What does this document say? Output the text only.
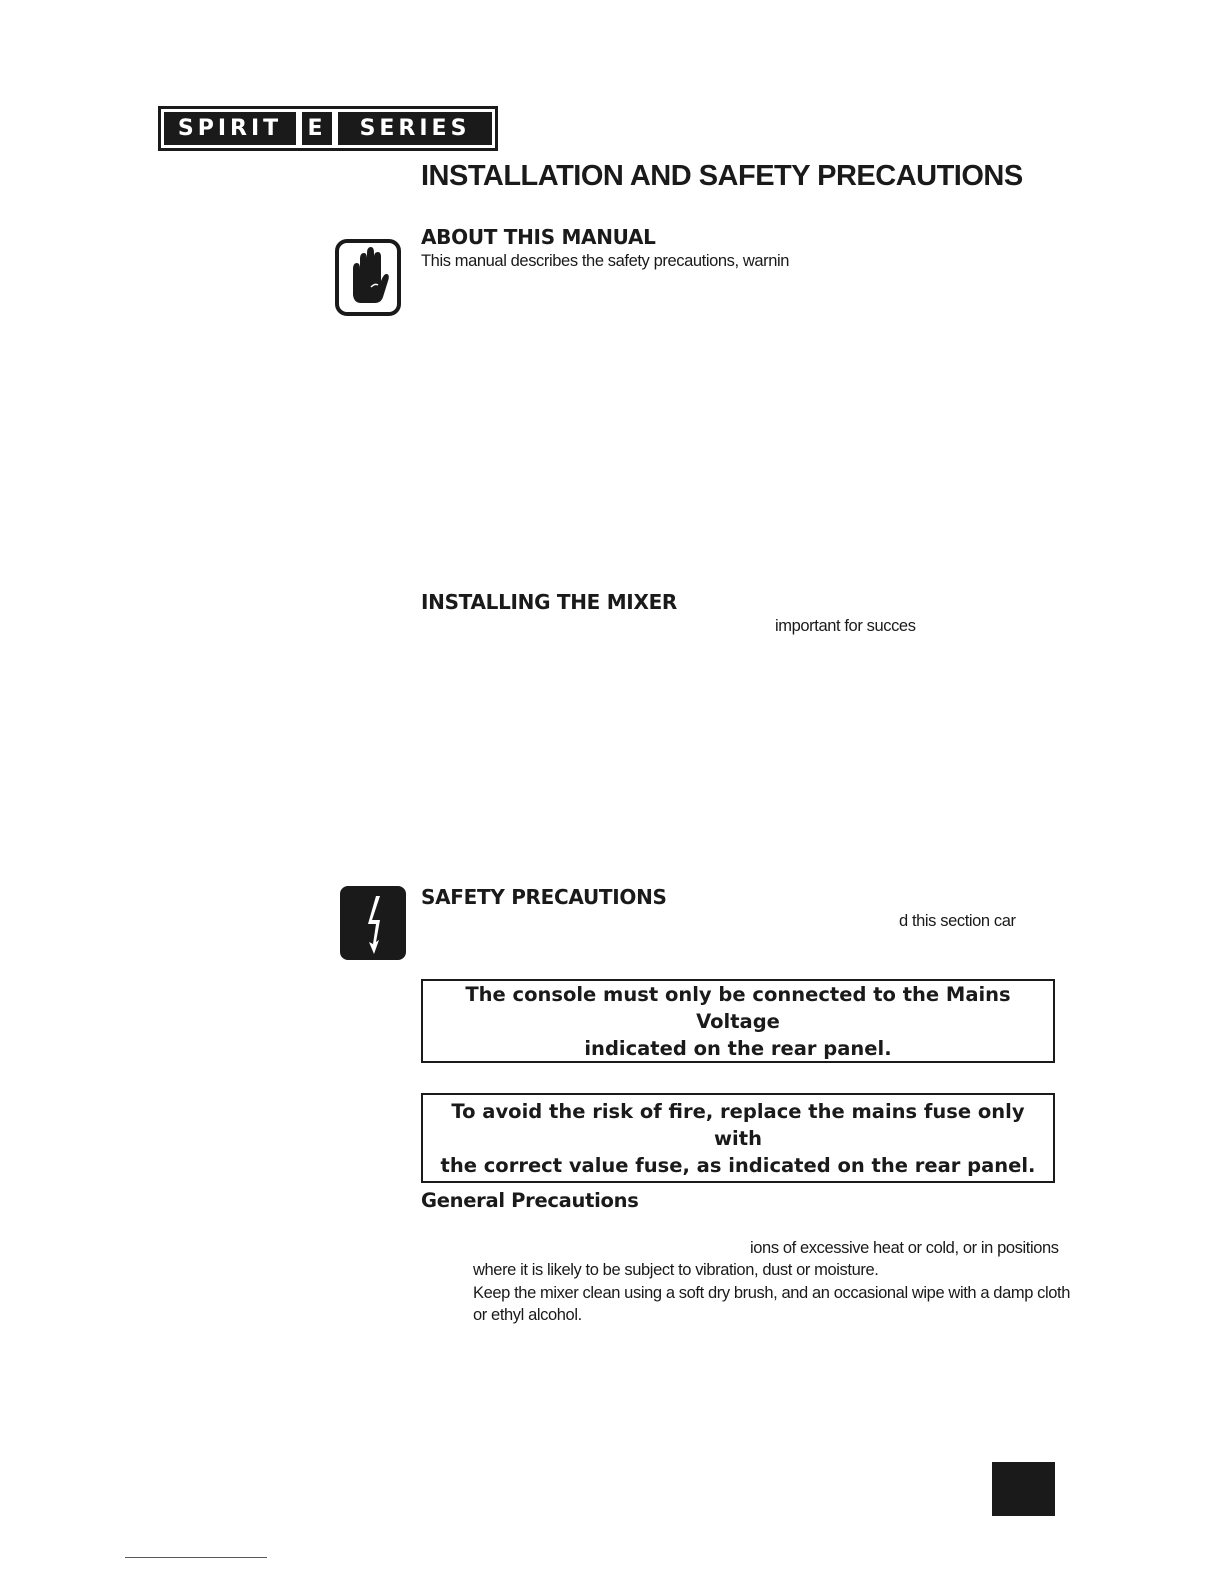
SPIRIT	E	SERIES
INSTALLATION AND SAFETY PRECAUTIONS
ABOUT THIS MANUAL
This manual describes the safety precautions, warnin
INSTALLING THE MIXER
important for succes
SAFETY PRECAUTIONS
d this section car
The console must only be connected to the Mains Voltage
indicated on the rear panel.
To avoid the risk of fire, replace the mains fuse only with
the correct value fuse, as indicated on the rear panel.
General Precautions
ions of excessive heat or cold, or in positions
where it is likely to be subject to vibration, dust or moisture.
Keep the mixer clean using a soft dry brush, and an occasional wipe with a damp cloth
or ethyl alcohol.
